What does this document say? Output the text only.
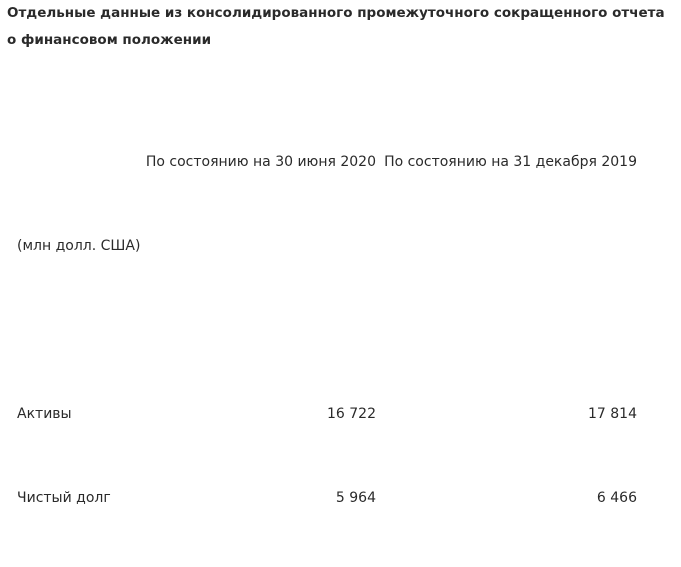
Отдельные данные из консолидированного промежуточного сокращенного отчета о финансовом положении
По состоянию на 30 июня 2020 По состоянию на 31 декабря 2019
(млн долл. США)
Активы	16 722	17 814
Чистый долг	5 964	6 466
